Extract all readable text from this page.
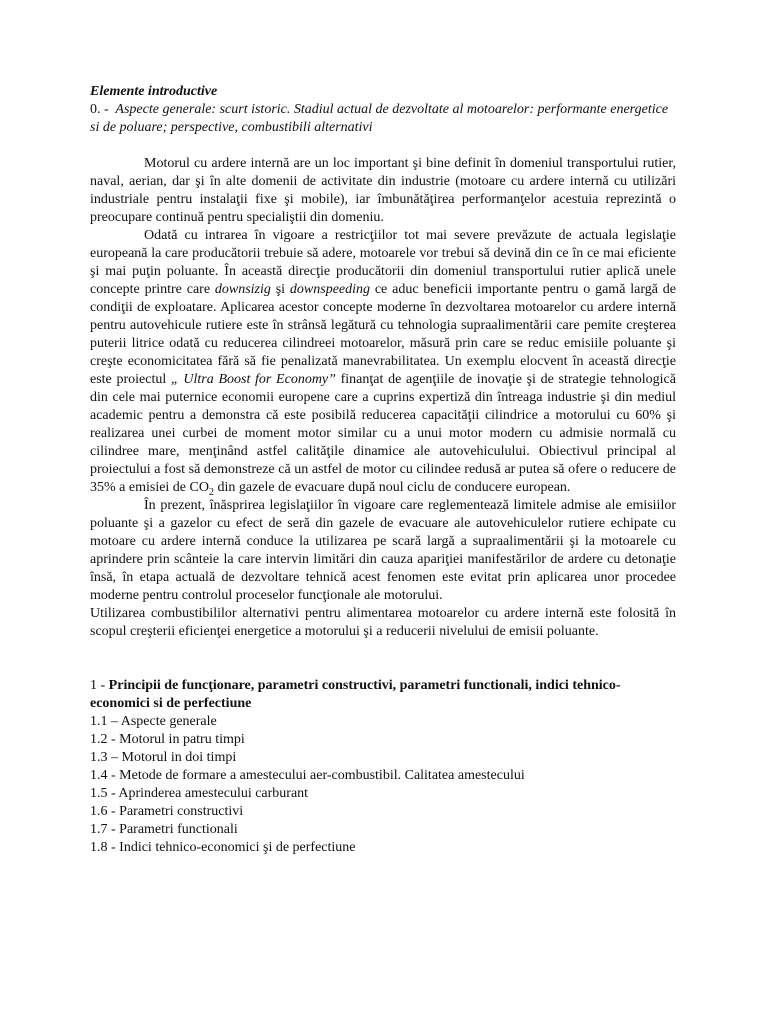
Elemente introductive

0. - Aspecte generale: scurt istoric. Stadiul actual de dezvoltate al motoarelor: performante energetice si de poluare; perspective, combustibili alternativi

Motorul cu ardere internă are un loc important şi bine definit în domeniul transportului rutier, naval, aerian, dar şi în alte domenii de activitate din industrie (motoare cu ardere internă cu utilizări industriale pentru instalaţii fixe şi mobile), iar îmbunătăţirea performanţelor acestuia reprezintă o preocupare continuă pentru specialiştii din domeniu.

Odată cu intrarea în vigoare a restricţiilor tot mai severe prevăzute de actuala legislaţie europeană la care producătorii trebuie să adere, motoarele vor trebui să devină din ce în ce mai eficiente şi mai puţin poluante. În această direcţie producătorii din domeniul transportului rutier aplică unele concepte printre care downsizig şi downspeeding ce aduc beneficii importante pentru o gamă largă de condiţii de exploatare. Aplicarea acestor concepte moderne în dezvoltarea motoarelor cu ardere internă pentru autovehicule rutiere este în strânsă legătură cu tehnologia supraalimentării care pemite creşterea puterii litrice odată cu reducerea cilindreei motoarelor, măsură prin care se reduc emisiile poluante şi creşte economicitatea fără să fie penalizată manevrabilitatea. Un exemplu elocvent în această direcţie este proiectul „ Ultra Boost for Economy” finanţat de agenţiile de inovaţie şi de strategie tehnologică din cele mai puternice economii europene care a cuprins expertiză din întreaga industrie şi din mediul academic pentru a demonstra că este posibilă reducerea capacităţii cilindrice a motorului cu 60% şi realizarea unei curbei de moment motor similar cu a unui motor modern cu admisie normală cu cilindree mare, menţinând astfel calităţile dinamice ale autovehiculului. Obiectivul principal al proiectului a fost să demonstreze că un astfel de motor cu cilindee redusă ar putea să ofere o reducere de 35% a emisiei de $CO_2$ din gazele de evacuare după noul ciclu de conducere european.

În prezent, înăsprirea legislaţiilor în vigoare care reglementează limitele admise ale emisiilor poluante şi a gazelor cu efect de seră din gazele de evacuare ale autovehiculelor rutiere echipate cu motoare cu ardere internă conduce la utilizarea pe scară largă a supraalimentării şi la motoarele cu aprindere prin scânteie la care intervin limitări din cauza apariţiei manifestărilor de ardere cu detonaţie însă, în etapa actuală de dezvoltare tehnică acest fenomen este evitat prin aplicarea unor procedee moderne pentru controlul proceselor funcţionale ale motorului.

Utilizarea combustibililor alternativi pentru alimentarea motoarelor cu ardere internă este folosită în scopul creşterii eficienţei energetice a motorului şi a reducerii nivelului de emisii poluante.

1 - Principii de funcţionare, parametri constructivi, parametri functionali, indici tehnico-economici si de perfectiune

1.1 – Aspecte generale
1.2 - Motorul in patru timpi
1.3 – Motorul in doi timpi
1.4 - Metode de formare a amestecului aer-combustibil. Calitatea amestecului
1.5 - Aprinderea amestecului carburant
1.6 - Parametri constructivi
1.7 - Parametri functionali
1.8 - Indici tehnico-economici şi de perfectiune
